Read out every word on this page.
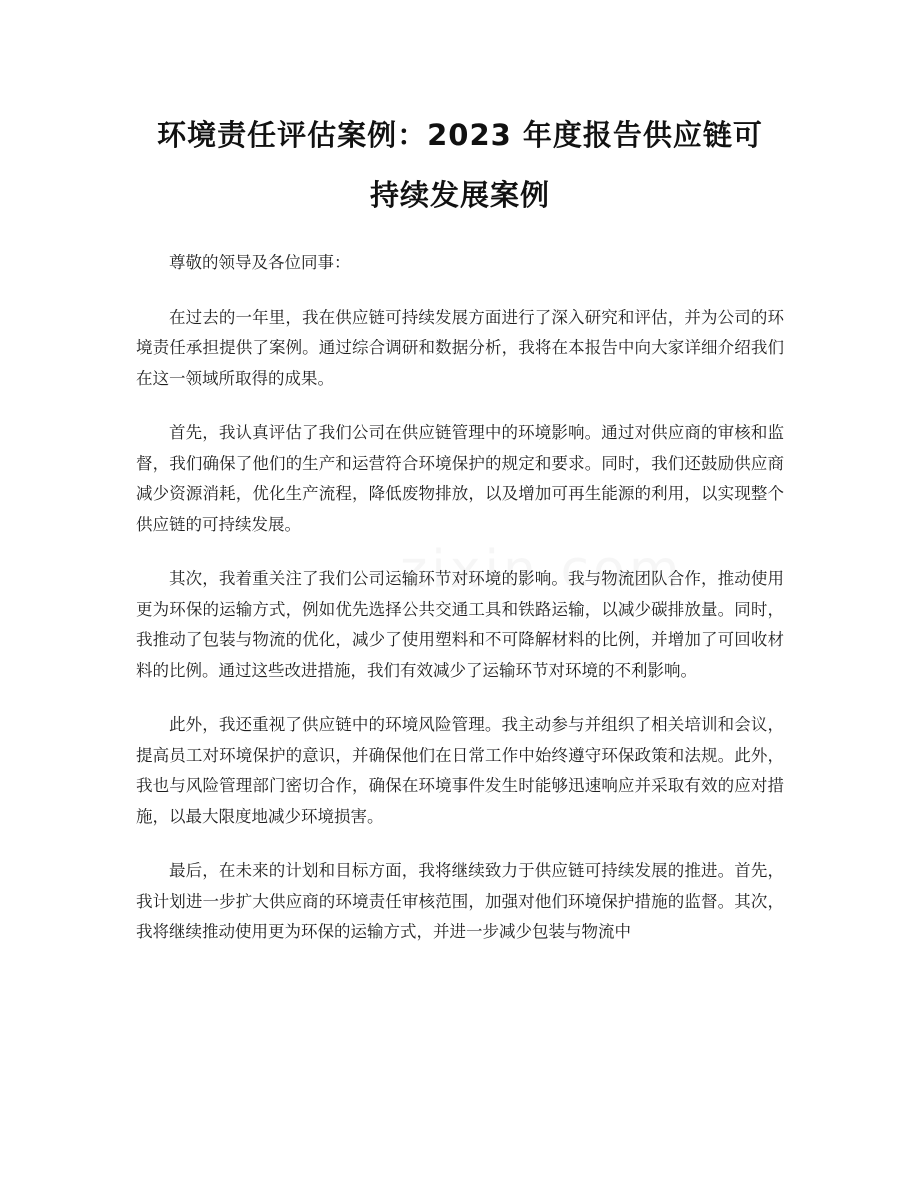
环境责任评估案例：2023 年度报告供应链可
持续发展案例

尊敬的领导及各位同事：

在过去的一年里，我在供应链可持续发展方面进行了深入研究和评估，并为公司的环境责任承担提供了案例。通过综合调研和数据分析，我将在本报告中向大家详细介绍我们在这一领域所取得的成果。

首先，我认真评估了我们公司在供应链管理中的环境影响。通过对供应商的审核和监督，我们确保了他们的生产和运营符合环境保护的规定和要求。同时，我们还鼓励供应商减少资源消耗，优化生产流程，降低废物排放，以及增加可再生能源的利用，以实现整个供应链的可持续发展。

其次，我着重关注了我们公司运输环节对环境的影响。我与物流团队合作，推动使用更为环保的运输方式，例如优先选择公共交通工具和铁路运输，以减少碳排放量。同时，我推动了包装与物流的优化，减少了使用塑料和不可降解材料的比例，并增加了可回收材料的比例。通过这些改进措施，我们有效减少了运输环节对环境的不利影响。

此外，我还重视了供应链中的环境风险管理。我主动参与并组织了相关培训和会议，提高员工对环境保护的意识，并确保他们在日常工作中始终遵守环保政策和法规。此外，我也与风险管理部门密切合作，确保在环境事件发生时能够迅速响应并采取有效的应对措施，以最大限度地减少环境损害。

最后，在未来的计划和目标方面，我将继续致力于供应链可持续发展的推进。首先，我计划进一步扩大供应商的环境责任审核范围，加强对他们环境保护措施的监督。其次，我将继续推动使用更为环保的运输方式，并进一步减少包装与物流中
